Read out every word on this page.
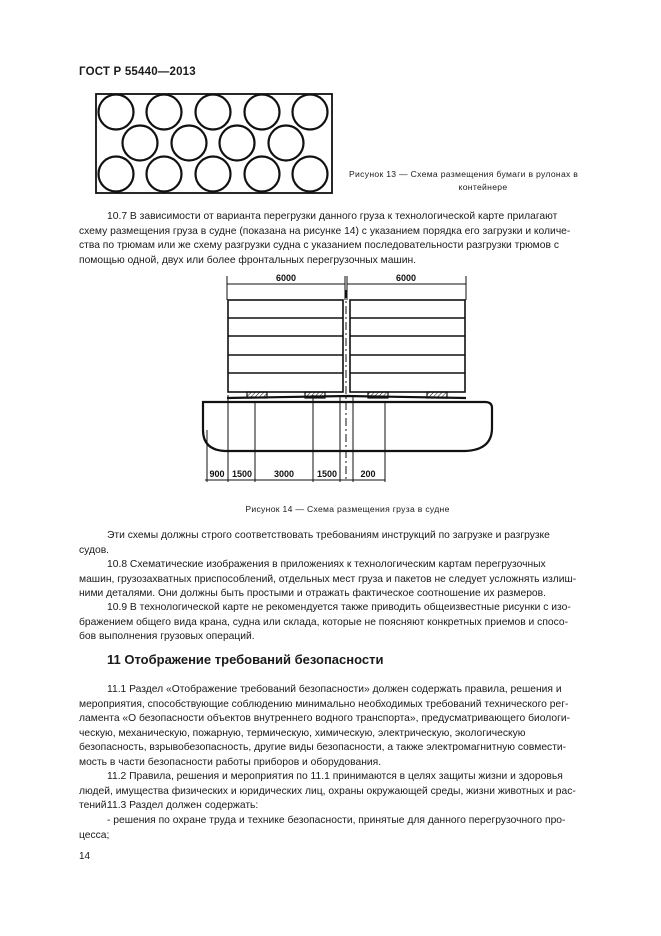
ГОСТ Р 55440—2013
Рисунок 13 — Схема размещения бумаги в рулонах в
контейнере

10.7 В зависимости от варианта перегрузки данного груза к технологической карте прилагают

схему размещения груза в судне (показана на рисунке 14) с указанием порядка его загрузки и количе-

ства по трюмам или же схему разгрузки судна с указанием последовательности разгрузки трюмов с

помощью одной, двух или более фронтальных перегрузочных машин.

6000	6000
900 1500 3000	1500	200
Рисунок 14 — Схема размещения груза в судне

Эти схемы должны строго соответствовать требованиям инструкций по загрузке и разгрузке

судов.

10.8 Схематические изображения в приложениях к технологическим картам перегрузочных

машин, грузозахватных приспособлений, отдельных мест груза и пакетов не следует усложнять излиш-

ними деталями. Они должны быть простыми и отражать фактическое соотношение их размеров.

10.9 В технологической карте не рекомендуется также приводить общеизвестные рисунки с изо-

бражением общего вида крана, судна или склада, которые не поясняют конкретных приемов и спосо-

бов выполнения грузовых операций.

11 Отображение требований безопасности

11.1 Раздел «Отображение требований безопасности» должен содержать правила, решения и

мероприятия, способствующие соблюдению минимально необходимых требований технического рег-

ламента «О безопасности объектов внутреннего водного транспорта», предусматривающего биологи-

ческую, механическую, пожарную, термическую, химическую, электрическую, экологическую

безопасность, взрывобезопасность, другие виды безопасности, а также электромагнитную совмести-

мость в части безопасности работы приборов и оборудования.

11.2 Правила, решения и мероприятия по 11.1 принимаются в целях защиты жизни и здоровья

людей, имущества физических и юридических лиц, охраны окружающей среды, жизни животных и рас-

тений.

11.3 Раздел должен содержать:

- решения по охране труда и технике безопасности, принятые для данного перегрузочного про-

цесса;

14
